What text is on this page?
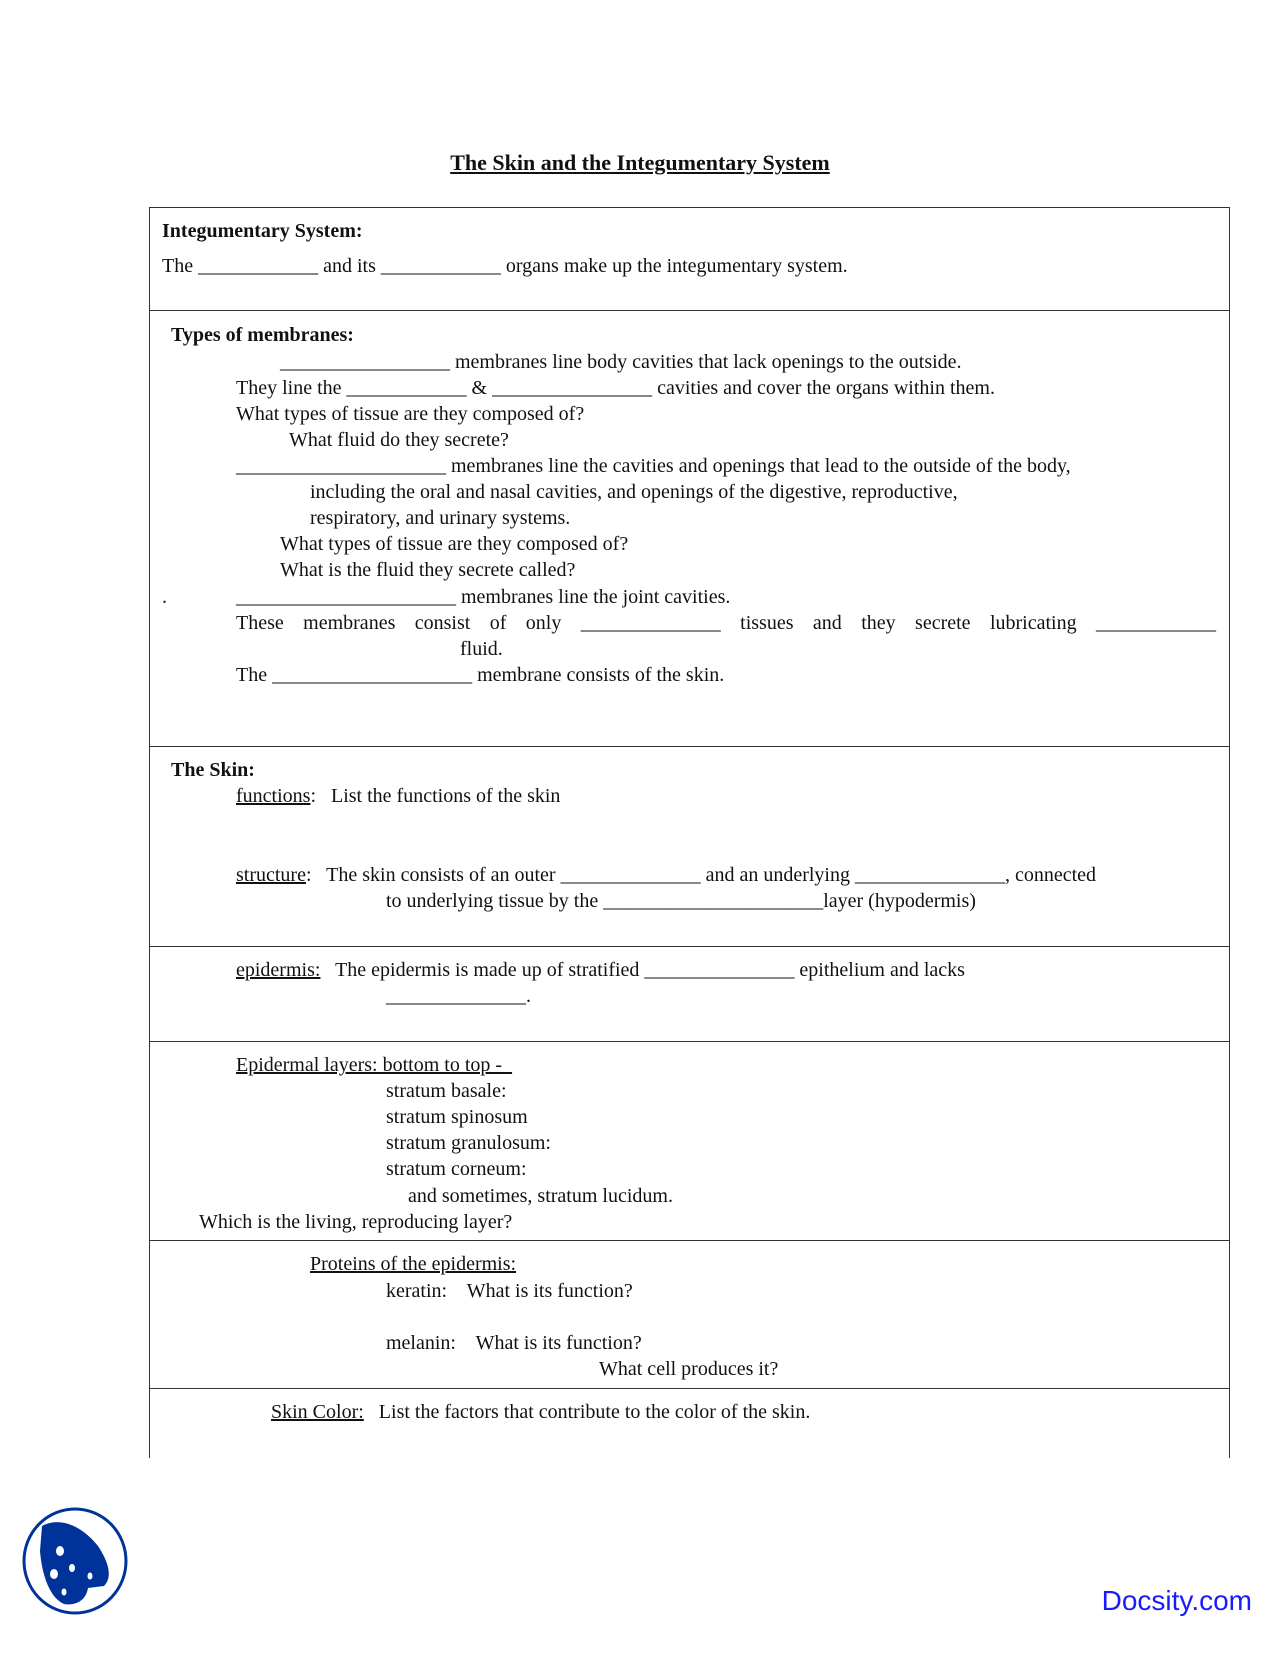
The Skin and the Integumentary System
Integumentary System:
The ____________ and its ____________ organs make up the integumentary system.
Types of membranes:
_________________ membranes line body cavities that lack openings to the outside.
They line the ____________ & ________________ cavities and cover the organs within them.
What types of tissue are they composed of?
What fluid do they secrete?
_____________________ membranes line the cavities and openings that lead to the outside of the body,
including the oral and nasal cavities, and openings of the digestive, reproductive,
respiratory, and urinary systems.
What types of tissue are they composed of?
What is the fluid they secrete called?
.	______________________ membranes line the joint cavities.
These membranes consist of only ______________ tissues and they secrete lubricating ____________
fluid.
The ____________________ membrane consists of the skin.
The Skin:
functions:   List the functions of the skin
structure:   The skin consists of an outer ______________ and an underlying _______________, connected
to underlying tissue by the ______________________layer (hypodermis)
epidermis:   The epidermis is made up of stratified _______________ epithelium and lacks
______________.
Epidermal layers: bottom to top -
stratum basale:
stratum spinosum
stratum granulosum:
stratum corneum:
and sometimes, stratum lucidum.
Which is the living, reproducing layer?
Proteins of the epidermis:
keratin:    What is its function?
melanin:    What is its function?
What cell produces it?
Skin Color:   List the factors that contribute to the color of the skin.
Docsity.com
